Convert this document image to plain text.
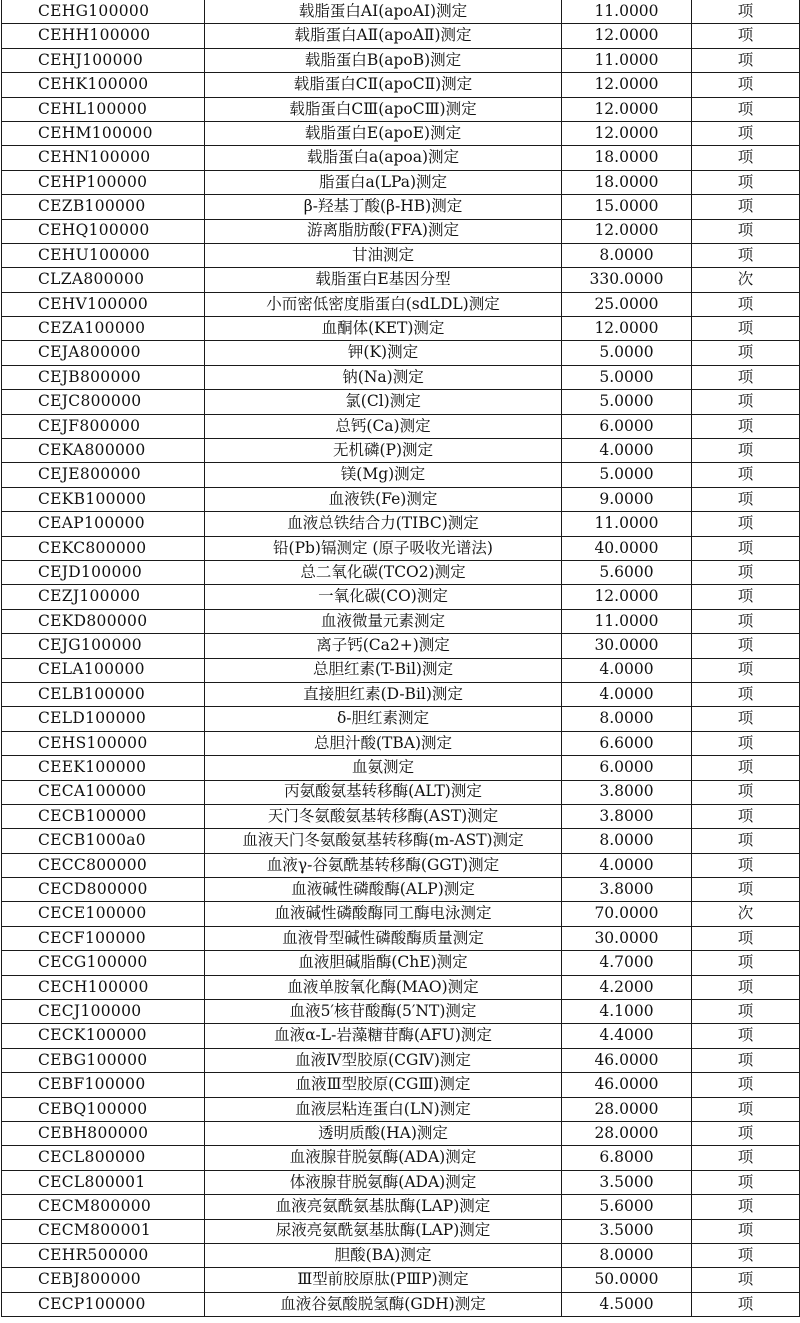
CEHG100000	载脂蛋白AⅠ(apoAⅠ)测定	11.0000	项
CEHH100000	载脂蛋白AⅡ(apoAⅡ)测定	12.0000	项
CEHJ100000	载脂蛋白B(apoB)测定	11.0000	项
CEHK100000	载脂蛋白CⅡ(apoCⅡ)测定	12.0000	项
CEHL100000	载脂蛋白CⅢ(apoCⅢ)测定	12.0000	项
CEHM100000	载脂蛋白E(apoE)测定	12.0000	项
CEHN100000	载脂蛋白a(apoa)测定	18.0000	项
CEHP100000	脂蛋白a(LPa)测定	18.0000	项
CEZB100000	β-羟基丁酸(β-HB)测定	15.0000	项
CEHQ100000	游离脂肪酸(FFA)测定	12.0000	项
CEHU100000	甘油测定	8.0000	项
CLZA800000	载脂蛋白E基因分型	330.0000	次
CEHV100000	小而密低密度脂蛋白(sdLDL)测定	25.0000	项
CEZA100000	血酮体(KET)测定	12.0000	项
CEJA800000	钾(K)测定	5.0000	项
CEJB800000	钠(Na)测定	5.0000	项
CEJC800000	氯(Cl)测定	5.0000	项
CEJF800000	总钙(Ca)测定	6.0000	项
CEKA800000	无机磷(P)测定	4.0000	项
CEJE800000	镁(Mg)测定	5.0000	项
CEKB100000	血液铁(Fe)测定	9.0000	项
CEAP100000	血液总铁结合力(TIBC)测定	11.0000	项
CEKC800000	铅(Pb)镉测定 (原子吸收光谱法)	40.0000	项
CEJD100000	总二氧化碳(TCO2)测定	5.6000	项
CEZJ100000	一氧化碳(CO)测定	12.0000	项
CEKD800000	血液微量元素测定	11.0000	项
CEJG100000	离子钙(Ca2+)测定	30.0000	项
CELA100000	总胆红素(T-Bil)测定	4.0000	项
CELB100000	直接胆红素(D-Bil)测定	4.0000	项
CELD100000	δ-胆红素测定	8.0000	项
CEHS100000	总胆汁酸(TBA)测定	6.6000	项
CEEK100000	血氨测定	6.0000	项
CECA100000	丙氨酸氨基转移酶(ALT)测定	3.8000	项
CECB100000	天门冬氨酸氨基转移酶(AST)测定	3.8000	项
CECB1000a0	血液天门冬氨酸氨基转移酶(m-AST)测定	8.0000	项
CECC800000	血液γ-谷氨酰基转移酶(GGT)测定	4.0000	项
CECD800000	血液碱性磷酸酶(ALP)测定	3.8000	项
CECE100000	血液碱性磷酸酶同工酶电泳测定	70.0000	次
CECF100000	血液骨型碱性磷酸酶质量测定	30.0000	项
CECG100000	血液胆碱脂酶(ChE)测定	4.7000	项
CECH100000	血液单胺氧化酶(MAO)测定	4.2000	项
CECJ100000	血液5′核苷酸酶(5′NT)测定	4.1000	项
CECK100000	血液α-L-岩藻糖苷酶(AFU)测定	4.4000	项
CEBG100000	血液Ⅳ型胶原(CGⅣ)测定	46.0000	项
CEBF100000	血液Ⅲ型胶原(CGⅢ)测定	46.0000	项
CEBQ100000	血液层粘连蛋白(LN)测定	28.0000	项
CEBH800000	透明质酸(HA)测定	28.0000	项
CECL800000	血液腺苷脱氨酶(ADA)测定	6.8000	项
CECL800001	体液腺苷脱氨酶(ADA)测定	3.5000	项
CECM800000	血液亮氨酰氨基肽酶(LAP)测定	5.6000	项
CECM800001	尿液亮氨酰氨基肽酶(LAP)测定	3.5000	项
CEHR500000	胆酸(BA)测定	8.0000	项
CEBJ800000	Ⅲ型前胶原肽(PⅢP)测定	50.0000	项
CECP100000	血液谷氨酸脱氢酶(GDH)测定	4.5000	项
